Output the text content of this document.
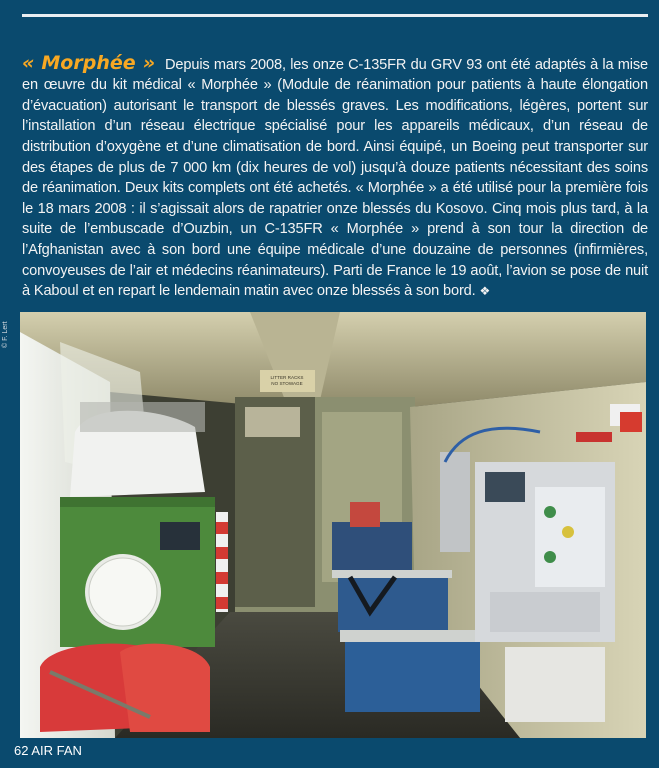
« Morphée » Depuis mars 2008, les onze C-135FR du GRV 93 ont été adaptés à la mise en œuvre du kit médical « Morphée » (Module de réanimation pour patients à haute élongation d’évacuation) autorisant le transport de blessés graves. Les modifications, légères, portent sur l’installation d’un réseau électrique spécialisé pour les appareils médicaux, d’un réseau de distribution d’oxygène et d’une climatisation de bord. Ainsi équipé, un Boeing peut transporter sur des étapes de plus de 7 000 km (dix heures de vol) jusqu’à douze patients nécessitant des soins de réanimation. Deux kits complets ont été achetés. « Morphée » a été utilisé pour la première fois le 18 mars 2008 : il s’agissait alors de rapatrier onze blessés du Kosovo. Cinq mois plus tard, à la suite de l’embuscade d’Ouzbin, un C-135FR « Morphée » prend à son tour la direction de l’Afghanistan avec à son bord une équipe médicale d’une douzaine de personnes (infirmières, convoyeuses de l’air et médecins réanimateurs). Parti de France le 19 août, l’avion se pose de nuit à Kaboul et en repart le lendemain matin avec onze blessés à son bord. ❖

© F. Lert
LITTER RACKS NO STOWAGE
62 AIR FAN
